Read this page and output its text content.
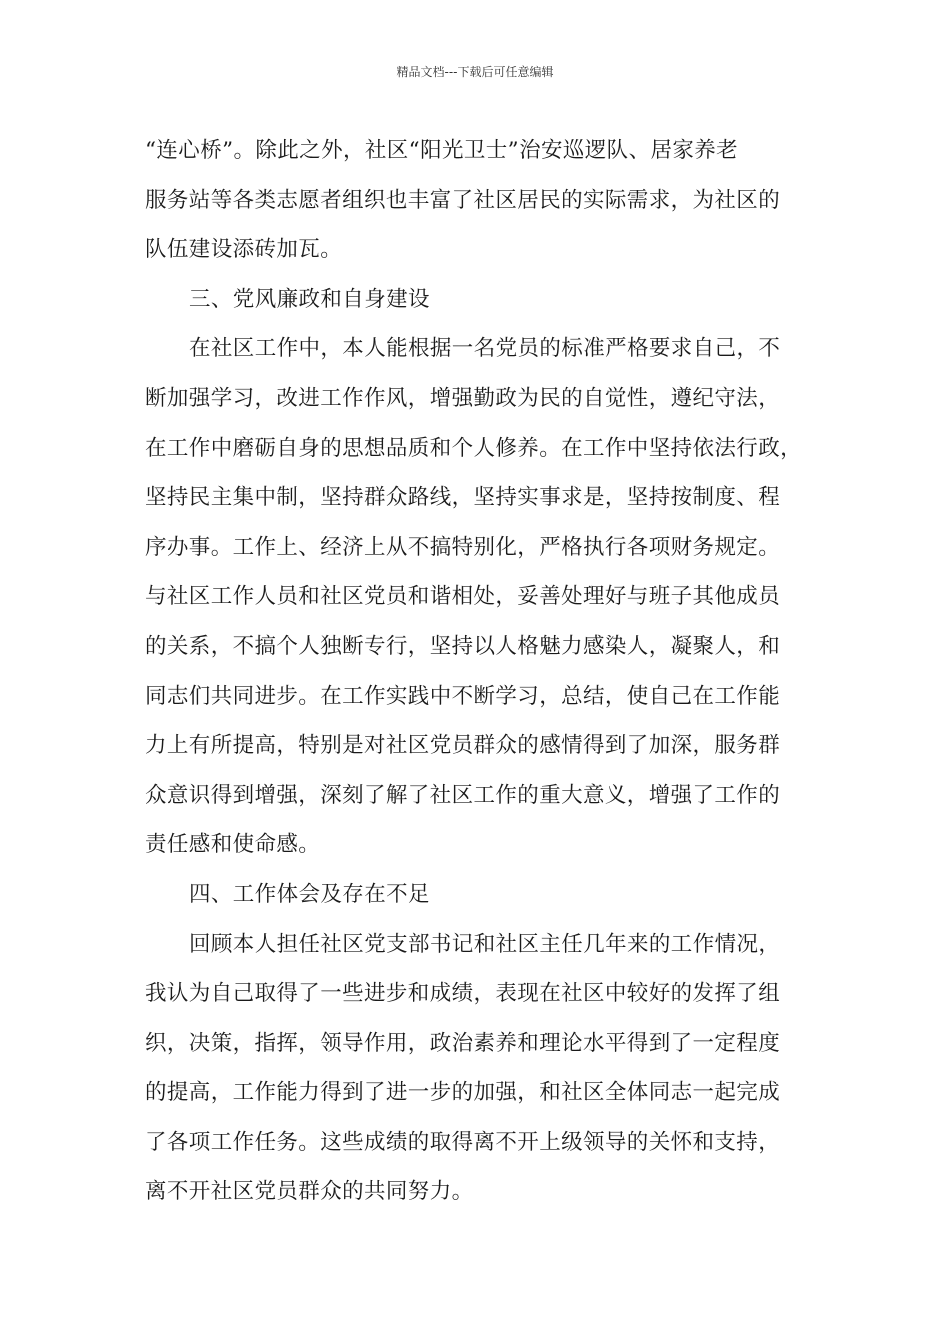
精品文档---下载后可任意编辑
“连心桥”。除此之外，社区“阳光卫士”治安巡逻队、居家养老
服务站等各类志愿者组织也丰富了社区居民的实际需求，为社区的
队伍建设添砖加瓦。
三、党风廉政和自身建设
在社区工作中，本人能根据一名党员的标准严格要求自己，不
断加强学习，改进工作作风，增强勤政为民的自觉性，遵纪守法，
在工作中磨砺自身的思想品质和个人修养。在工作中坚持依法行政，
坚持民主集中制，坚持群众路线，坚持实事求是，坚持按制度、程
序办事。工作上、经济上从不搞特别化，严格执行各项财务规定。
与社区工作人员和社区党员和谐相处，妥善处理好与班子其他成员
的关系，不搞个人独断专行，坚持以人格魅力感染人，凝聚人，和
同志们共同进步。在工作实践中不断学习，总结，使自己在工作能
力上有所提高，特别是对社区党员群众的感情得到了加深，服务群
众意识得到增强，深刻了解了社区工作的重大意义，增强了工作的
责任感和使命感。
四、工作体会及存在不足
回顾本人担任社区党支部书记和社区主任几年来的工作情况，
我认为自己取得了一些进步和成绩，表现在社区中较好的发挥了组
织，决策，指挥，领导作用，政治素养和理论水平得到了一定程度
的提高，工作能力得到了进一步的加强，和社区全体同志一起完成
了各项工作任务。这些成绩的取得离不开上级领导的关怀和支持，
离不开社区党员群众的共同努力。
